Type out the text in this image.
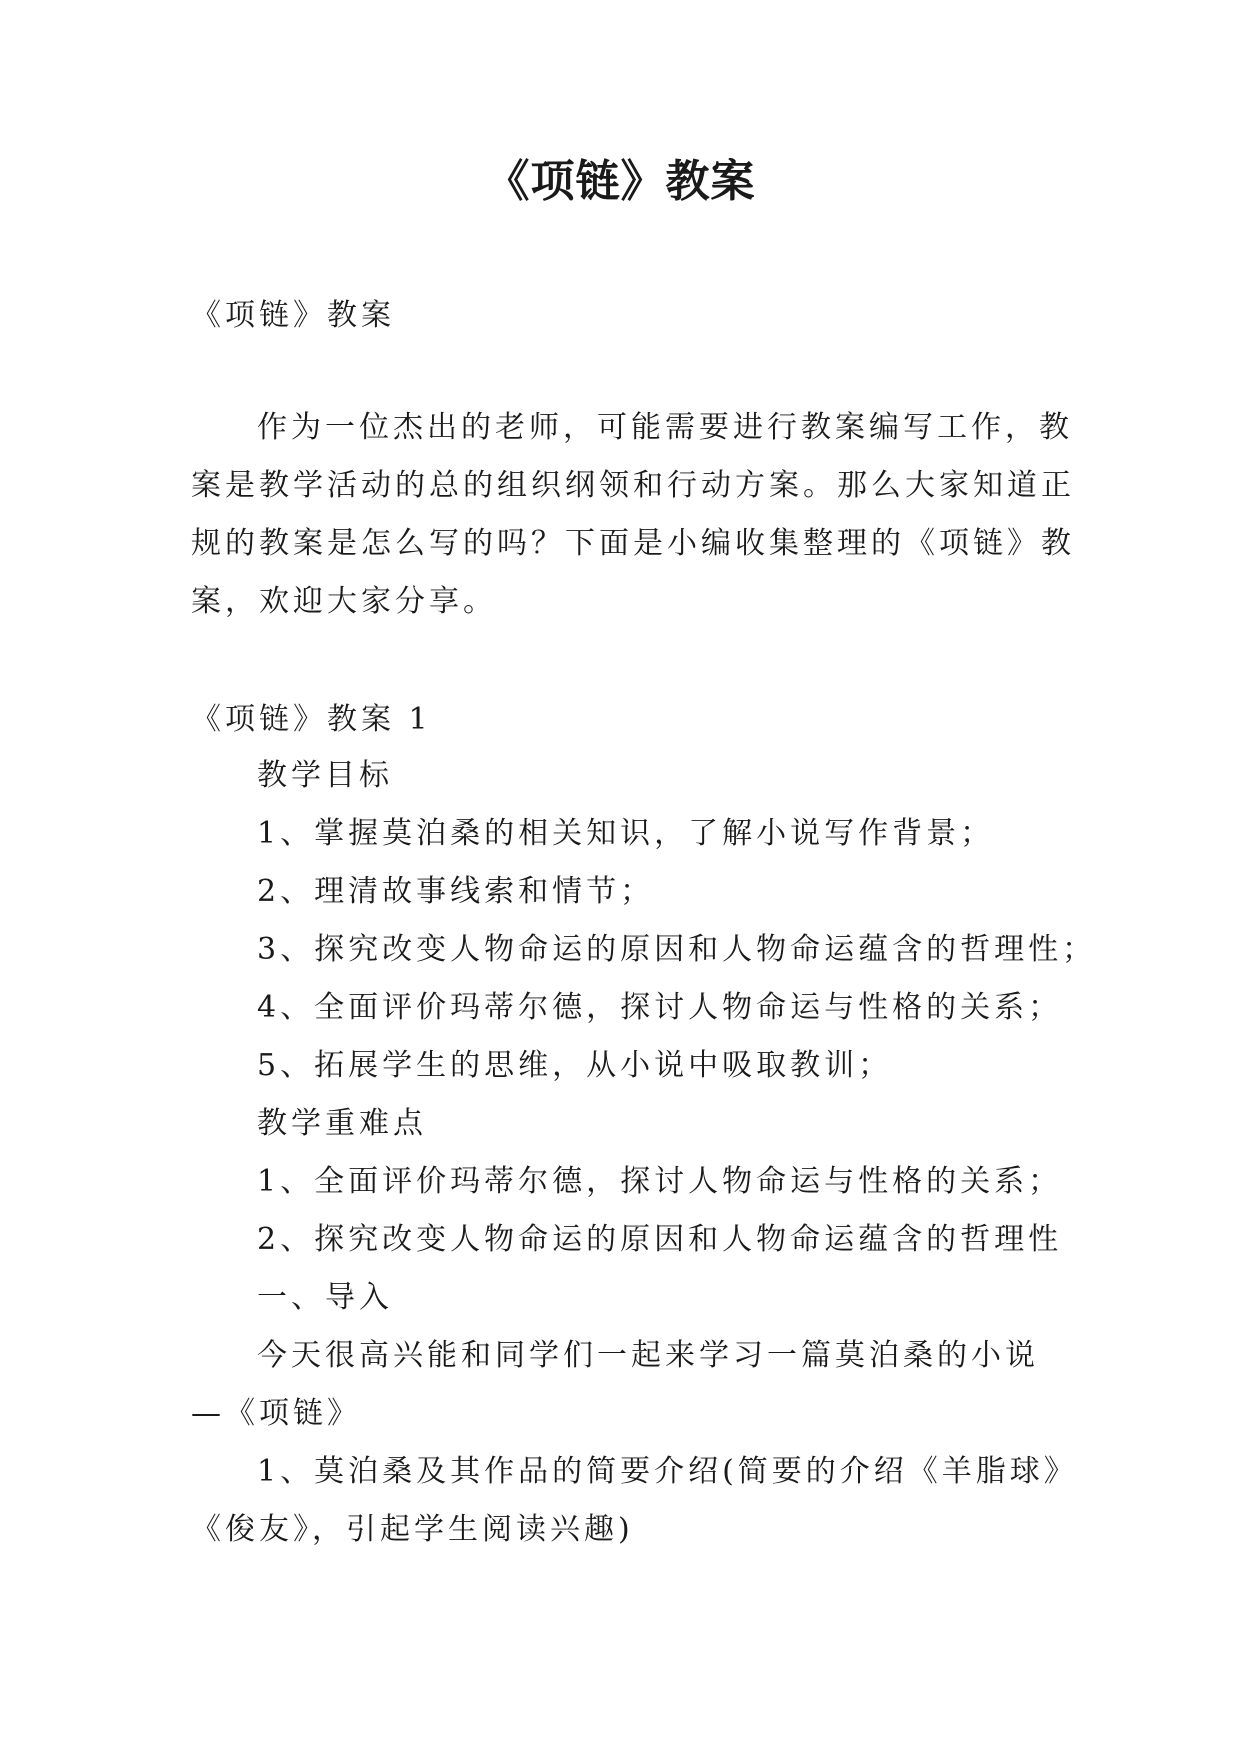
《项链》教案
《项链》教案
作为一位杰出的老师，可能需要进行教案编写工作，教
案是教学活动的总的组织纲领和行动方案。那么大家知道正
规的教案是怎么写的吗？下面是小编收集整理的《项链》教
案，欢迎大家分享。
《项链》教案 1
教学目标
1、掌握莫泊桑的相关知识，了解小说写作背景；
2、理清故事线索和情节；
3、探究改变人物命运的原因和人物命运蕴含的哲理性；
4、全面评价玛蒂尔德，探讨人物命运与性格的关系；
5、拓展学生的思维，从小说中吸取教训；
教学重难点
1、全面评价玛蒂尔德，探讨人物命运与性格的关系；
2、探究改变人物命运的原因和人物命运蕴含的哲理性
一、导入
今天很高兴能和同学们一起来学习一篇莫泊桑的小说
—《项链》
1、莫泊桑及其作品的简要介绍(简要的介绍《羊脂球》
《俊友》，引起学生阅读兴趣)
